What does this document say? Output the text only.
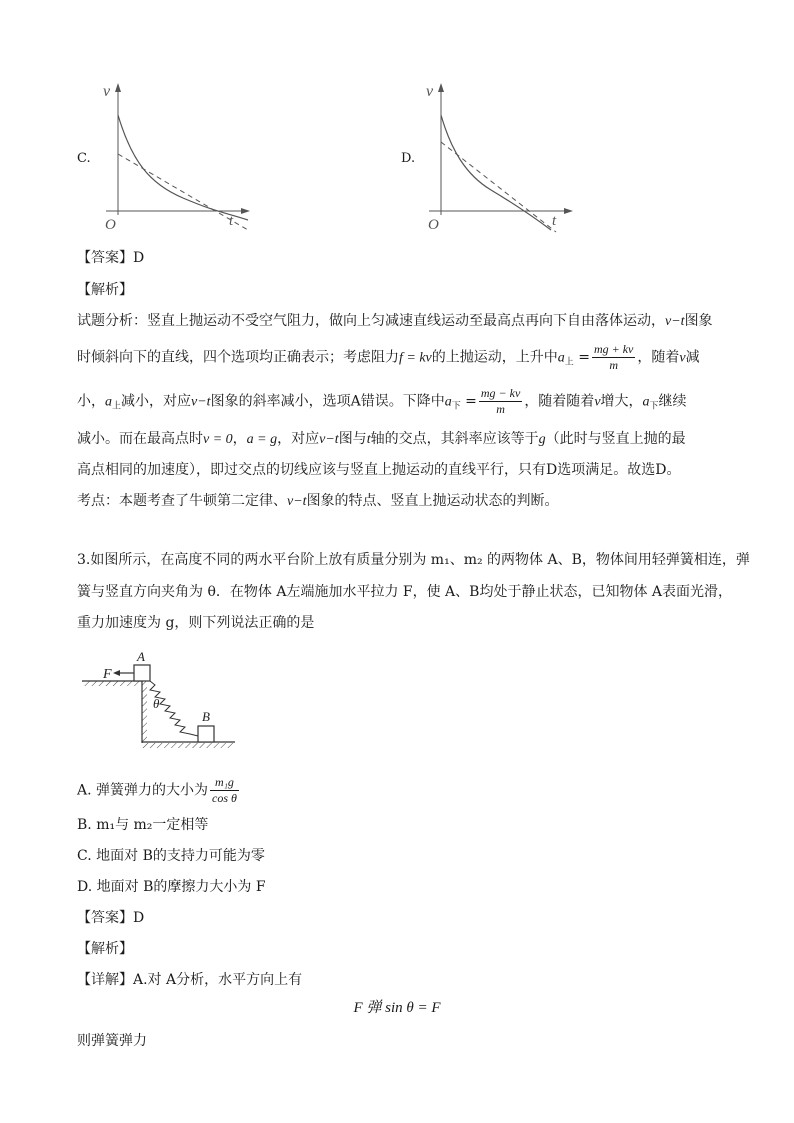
C.
v
t
O
D.
v
t
O
【答案】D
【解析】
试题分析：竖直上抛运动不受空气阻力，做向上匀减速直线运动至最高点再向下自由落体运动，v−t图象
时倾斜向下的直线，四个选项均正确表示；考虑阻力f = kv的上抛运动，上升中$a_上 = \frac{mg + kv}{m}$ ，随着v减
小，$a_上$减小，对应v−t图象的斜率减小，选项A错误。下降中$a_下 = \frac{mg - kv}{m}$ ，随着随着v增大，$a_下$继续
减小。而在最高点时v = 0，a = g，对应v−t图与t轴的交点，其斜率应该等于g（此时与竖直上抛的最
高点相同的加速度），即过交点的切线应该与竖直上抛运动的直线平行，只有D选项满足。故选D。
考点：本题考查了牛顿第二定律、v−t图象的特点、竖直上抛运动状态的判断。
3.如图所示，在高度不同的两水平台阶上放有质量分别为 m₁、m₂ 的两物体 A、B，物体间用轻弹簧相连，弹
簧与竖直方向夹角为 θ．在物体 A左端施加水平拉力 F，使 A、B均处于静止状态，已知物体 A表面光滑，
重力加速度为 g，则下列说法正确的是
F
A
B
θ
A. 弹簧弹力的大小为 $\frac{\text{m₁g}}{\text{cos θ}}$
B. m₁与 m₂一定相等
C. 地面对 B的支持力可能为零
D. 地面对 B的摩擦力大小为 F
【答案】D
【解析】
【详解】A.对 A分析，水平方向上有
F 弹 sin θ = F
则弹簧弹力
